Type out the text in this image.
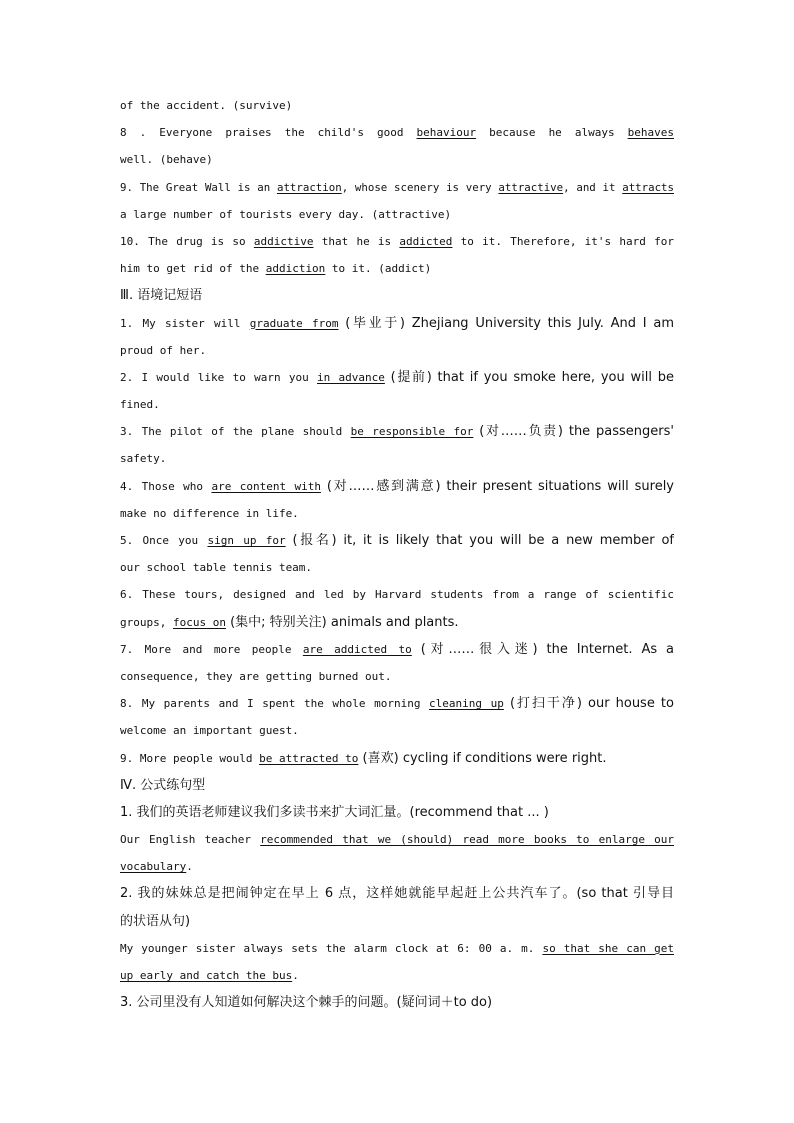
of the accident. (survive)
8 . Everyone praises the child's good behaviour because he always behaves
well. (behave)
9. The Great Wall is an attraction, whose scenery is very attractive, and it attracts
a large number of tourists every day. (attractive)
10. The drug is so addictive that he is addicted to it. Therefore, it's hard for
him to get rid of the addiction to it. (addict)
Ⅲ. 语境记短语
1. My sister will graduate from (毕业于) Zhejiang University this July. And I am
proud of her.
2. I would like to warn you in advance (提前) that if you smoke here, you will be
fined.
3. The pilot of the plane should be responsible for (对……负责) the passengers'
safety.
4. Those who are content with (对……感到满意) their present situations will surely
make no difference in life.
5. Once you sign up for (报名) it, it is likely that you will be a new member of
our school table tennis team.
6. These tours, designed and led by Harvard students from a range of scientific
groups, focus on (集中; 特别关注) animals and plants.
7. More and more people are addicted to (对……很入迷) the Internet. As a
consequence, they are getting burned out.
8. My parents and I spent the whole morning cleaning up (打扫干净) our house to
welcome an important guest.
9. More people would be attracted to (喜欢) cycling if conditions were right.
Ⅳ. 公式练句型
1. 我们的英语老师建议我们多读书来扩大词汇量。(recommend that ... )
Our English teacher recommended that we (should) read more books to enlarge our
vocabulary.
2. 我的妹妹总是把闹钟定在早上 6 点，这样她就能早起赶上公共汽车了。(so that 引导目
的状语从句)
My younger sister always sets the alarm clock at 6: 00 a. m. so that she can get
up early and catch the bus.
3. 公司里没有人知道如何解决这个棘手的问题。(疑问词＋to do)
